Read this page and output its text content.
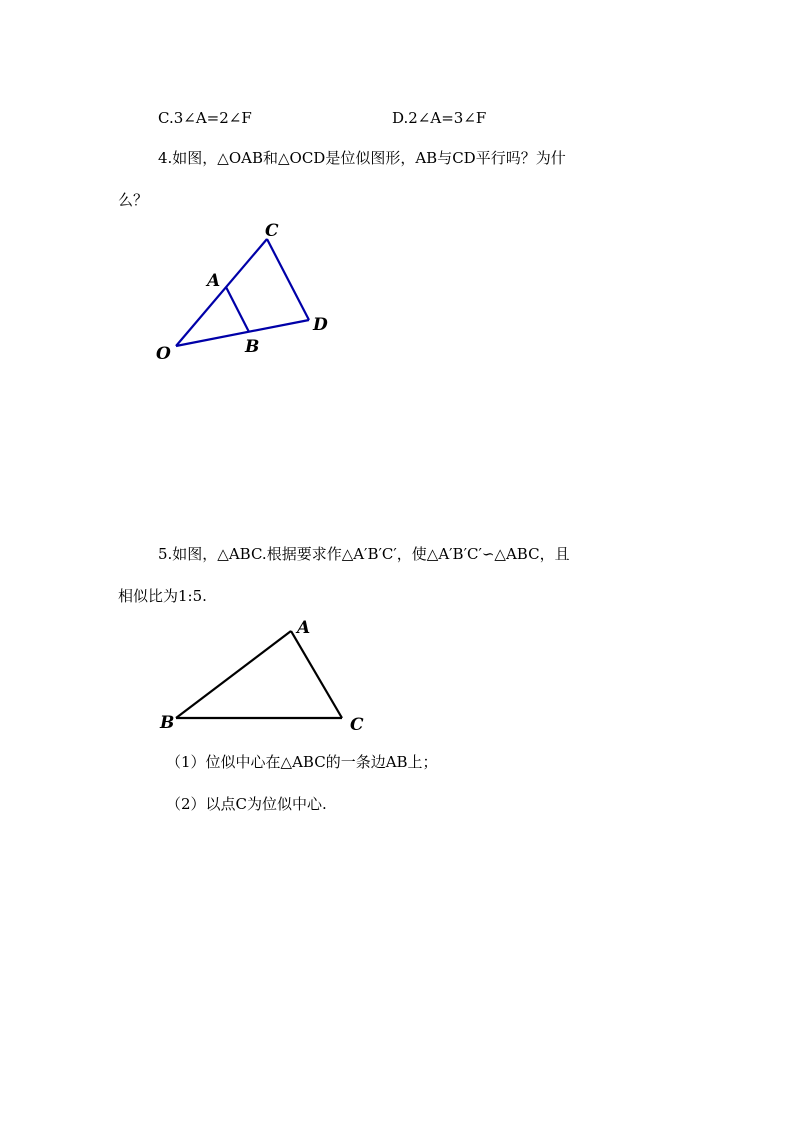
C.3∠A=2∠F	D.2∠A=3∠F
4.如图，△OAB和△OCD是位似图形，AB与CD平行吗？为什
么？
C
A
D
O	B
5.如图，△ABC.根据要求作△A′B′C′，使△A′B′C′∽△ABC，且
相似比为1:5.
A
B	C
（1）位似中心在△ABC的一条边AB上；
（2）以点C为位似中心.
